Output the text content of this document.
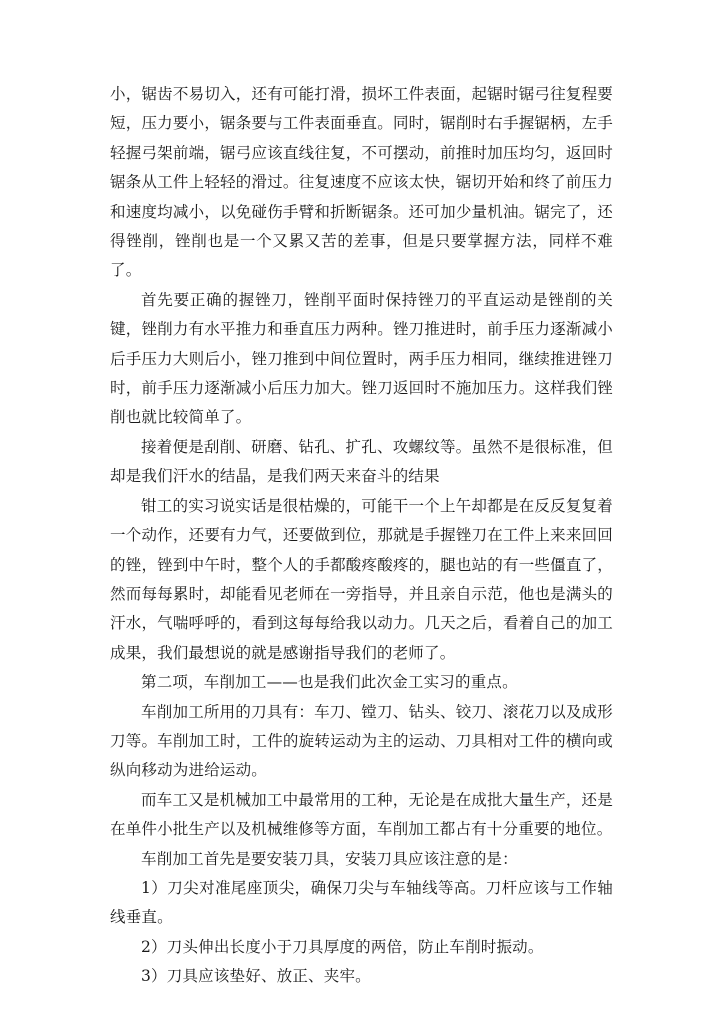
小，锯齿不易切入，还有可能打滑，损坏工件表面，起锯时锯弓往复程要短，压力要小，锯条要与工件表面垂直。同时，锯削时右手握锯柄，左手轻握弓架前端，锯弓应该直线往复，不可摆动，前推时加压均匀，返回时锯条从工件上轻轻的滑过。往复速度不应该太快，锯切开始和终了前压力和速度均减小，以免碰伤手臂和折断锯条。还可加少量机油。锯完了，还得锉削，锉削也是一个又累又苦的差事，但是只要掌握方法，同样不难了。

首先要正确的握锉刀，锉削平面时保持锉刀的平直运动是锉削的关键，锉削力有水平推力和垂直压力两种。锉刀推进时，前手压力逐渐减小后手压力大则后小，锉刀推到中间位置时，两手压力相同，继续推进锉刀时，前手压力逐渐减小后压力加大。锉刀返回时不施加压力。这样我们锉削也就比较简单了。

接着便是刮削、研磨、钻孔、扩孔、攻螺纹等。虽然不是很标准，但却是我们汗水的结晶，是我们两天来奋斗的结果

钳工的实习说实话是很枯燥的，可能干一个上午却都是在反反复复着一个动作，还要有力气，还要做到位，那就是手握锉刀在工件上来来回回的锉，锉到中午时，整个人的手都酸疼酸疼的，腿也站的有一些僵直了，然而每每累时，却能看见老师在一旁指导，并且亲自示范，他也是满头的汗水，气喘呼呼的，看到这每每给我以动力。几天之后，看着自己的加工成果，我们最想说的就是感谢指导我们的老师了。

第二项，车削加工——也是我们此次金工实习的重点。

车削加工所用的刀具有：车刀、镗刀、钻头、铰刀、滚花刀以及成形刀等。车削加工时，工件的旋转运动为主的运动、刀具相对工件的横向或纵向移动为进给运动。

而车工又是机械加工中最常用的工种，无论是在成批大量生产，还是在单件小批生产以及机械维修等方面，车削加工都占有十分重要的地位。

车削加工首先是要安装刀具，安装刀具应该注意的是：

1）刀尖对准尾座顶尖，确保刀尖与车轴线等高。刀杆应该与工作轴线垂直。

2）刀头伸出长度小于刀具厚度的两倍，防止车削时振动。

3）刀具应该垫好、放正、夹牢。
